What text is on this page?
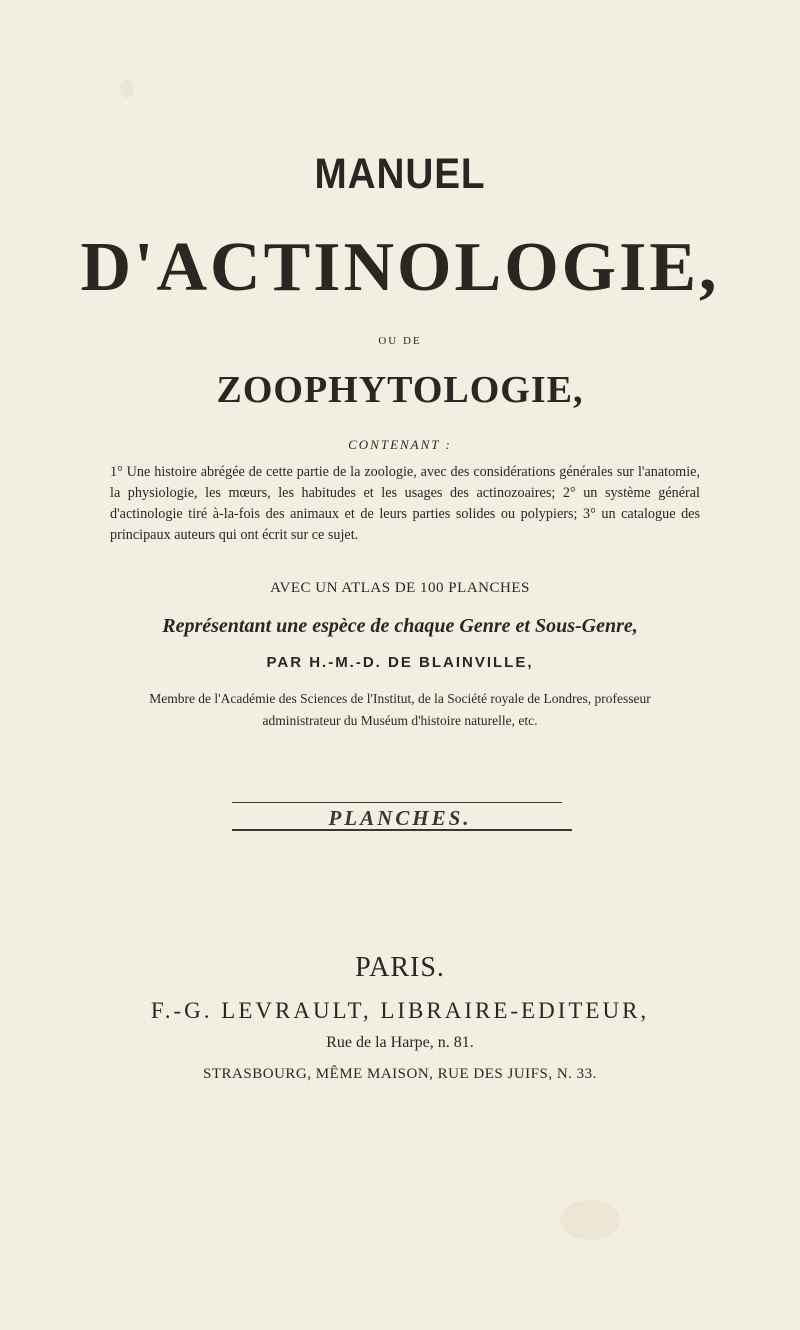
MANUEL
D'ACTINOLOGIE,
OU DE
ZOOPHYTOLOGIE,
CONTENANT :
1° Une histoire abrégée de cette partie de la zoologie, avec des considérations générales sur l'anatomie, la physiologie, les mœurs, les habitudes et les usages des actinozoaires; 2° un système général d'actinologie tiré à-la-fois des animaux et de leurs parties solides ou polypiers; 3° un catalogue des principaux auteurs qui ont écrit sur ce sujet.
AVEC UN ATLAS DE 100 PLANCHES
Représentant une espèce de chaque Genre et Sous-Genre,
PAR H.-M.-D. DE BLAINVILLE,
Membre de l'Académie des Sciences de l'Institut, de la Société royale de Londres, professeur
administrateur du Muséum d'histoire naturelle, etc.
PLANCHES.
PARIS.
F.-G. LEVRAULT, LIBRAIRE-EDITEUR,
Rue de la Harpe, n. 81.
STRASBOURG, MÊME MAISON, RUE DES JUIFS, N. 33.
